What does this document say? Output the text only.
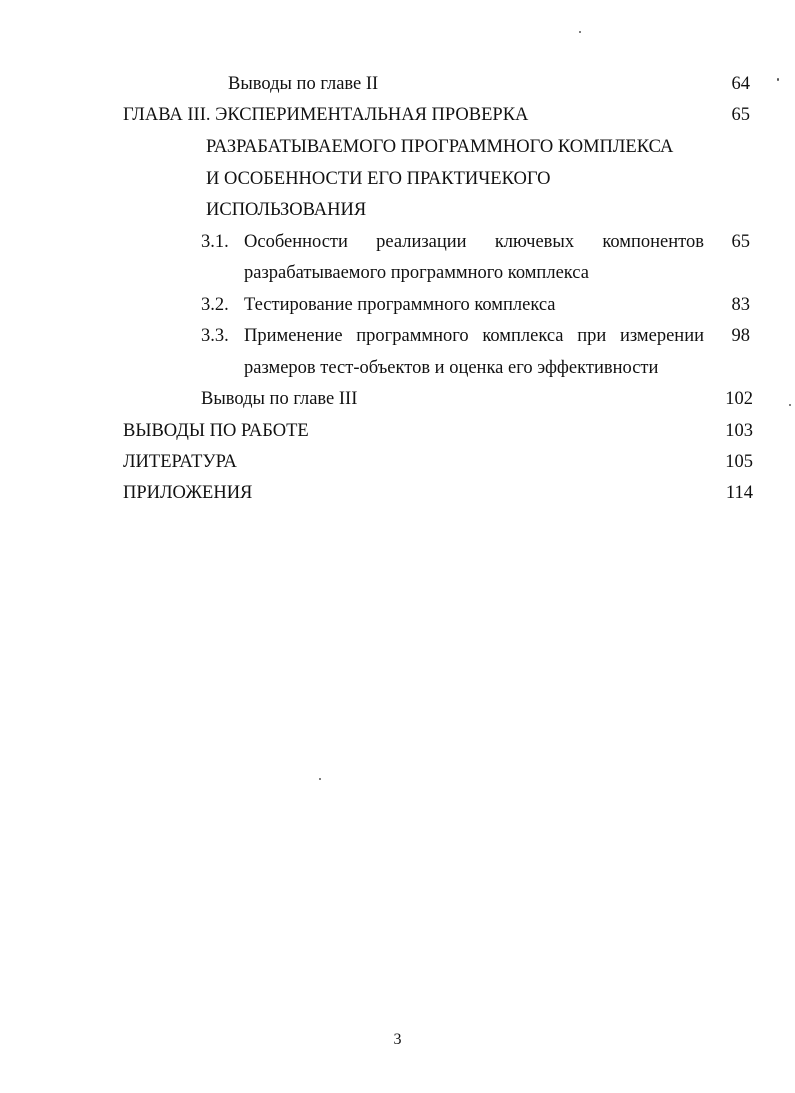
Выводы по главе II	64
ГЛАВА III. ЭКСПЕРИМЕНТАЛЬНАЯ ПРОВЕРКА	65
РАЗРАБАТЫВАЕМОГО ПРОГРАММНОГО КОМПЛЕКСА
И ОСОБЕННОСТИ ЕГО ПРАКТИЧЕКОГО
ИСПОЛЬЗОВАНИЯ
3.1. Особенности реализации ключевых компонентов	65
разрабатываемого программного комплекса
3.2. Тестирование программного комплекса	83
3.3. Применение программного комплекса при измерении	98
размеров тест-объектов и оценка его эффективности
Выводы по главе III	102
ВЫВОДЫ ПО РАБОТЕ	103
ЛИТЕРАТУРА	105
ПРИЛОЖЕНИЯ	114
3
